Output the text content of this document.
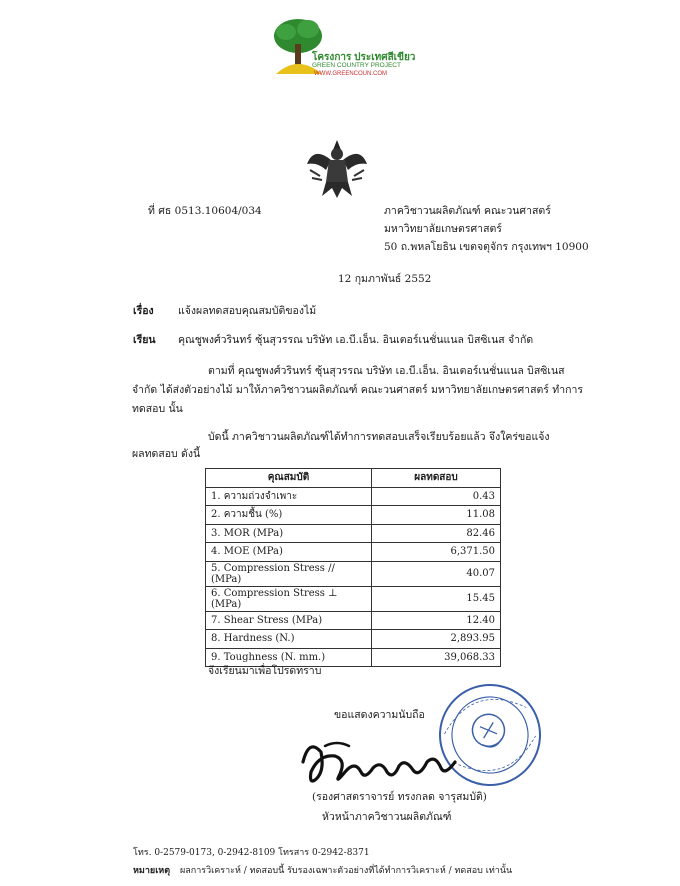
โครงการ ประเทศสีเขียว
GREEN COUNTRY PROJECT
WWW.GREENCOUN.COM
ที่ ศธ 0513.10604/034	ภาควิชาวนผลิตภัณฑ์ คณะวนศาสตร์
มหาวิทยาลัยเกษตรศาสตร์
50 ถ.พหลโยธิน เขตจตุจักร กรุงเทพฯ 10900
12 กุมภาพันธ์ 2552
เรื่อง แจ้งผลทดสอบคุณสมบัติของไม้
เรียน คุณชูพงศ์วรินทร์ ซุ้นสุวรรณ บริษัท เอ.บี.เอ็น. อินเตอร์เนชั่นแนล บิสซิเนส จำกัด
ตามที่ คุณชูพงศ์วรินทร์ ซุ้นสุวรรณ บริษัท เอ.บี.เอ็น. อินเตอร์เนชั่นแนล บิสซิเนส
จำกัด ได้ส่งตัวอย่างไม้ มาให้ภาควิชาวนผลิตภัณฑ์ คณะวนศาสตร์ มหาวิทยาลัยเกษตรศาสตร์ ทำการ
ทดสอบ นั้น
บัดนี้ ภาควิชาวนผลิตภัณฑ์ได้ทำการทดสอบเสร็จเรียบร้อยแล้ว จึงใคร่ขอแจ้ง
ผลทดสอบ ดังนี้
คุณสมบัติ	ผลทดสอบ
1. ความถ่วงจำเพาะ	0.43
2. ความชื้น (%)	11.08
3. MOR (MPa)	82.46
4. MOE (MPa)	6,371.50
5. Compression Stress // (MPa)	40.07
6. Compression Stress ⊥ (MPa)	15.45
7. Shear Stress (MPa)	12.40
8. Hardness (N.)	2,893.95
9. Toughness (N. mm.)	39,068.33
จึงเรียนมาเพื่อโปรดทราบ
ขอแสดงความนับถือ
(รองศาสตราจารย์ ทรงกลด จารุสมบัติ)
หัวหน้าภาควิชาวนผลิตภัณฑ์
โทร. 0-2579-0173, 0-2942-8109 โทรสาร 0-2942-8371
หมายเหตุ ผลการวิเคราะห์ / ทดสอบนี้ รับรองเฉพาะตัวอย่างที่ได้ทำการวิเคราะห์ / ทดสอบ เท่านั้น
